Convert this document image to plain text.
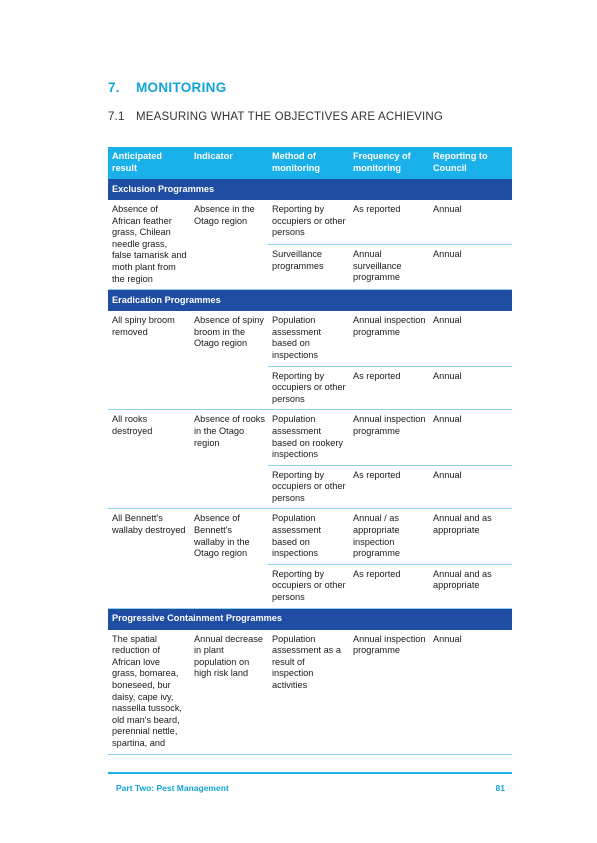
7. MONITORING
7.1 MEASURING WHAT THE OBJECTIVES ARE ACHIEVING
Anticipated result	Indicator	Method of monitoring	Frequency of monitoring	Reporting to Council
Exclusion Programmes				
Absence of African feather grass, Chilean needle grass, false tamarisk and moth plant from the region	Absence in the Otago region	Reporting by occupiers or other persons	As reported	Annual
		Surveillance programmes	Annual surveillance programme	Annual
Eradication Programmes				
All spiny broom removed	Absence of spiny broom in the Otago region	Population assessment based on inspections	Annual inspection programme	Annual
		Reporting by occupiers or other persons	As reported	Annual
All rooks destroyed	Absence of rooks in the Otago region	Population assessment based on rookery inspections	Annual inspection programme	Annual
		Reporting by occupiers or other persons	As reported	Annual
All Bennett's wallaby destroyed	Absence of Bennett's wallaby in the Otago region	Population assessment based on inspections	Annual / as appropriate inspection programme	Annual and as appropriate
		Reporting by occupiers or other persons	As reported	Annual and as appropriate
Progressive Containment Programmes				
The spatial reduction of African love grass, bomarea, boneseed, bur daisy, cape ivy, nassella tussock, old man's beard, perennial nettle, spartina, and	Annual decrease in plant population on high risk land	Population assessment as a result of inspection activities	Annual inspection programme	Annual
Part Two: Pest Management	81
